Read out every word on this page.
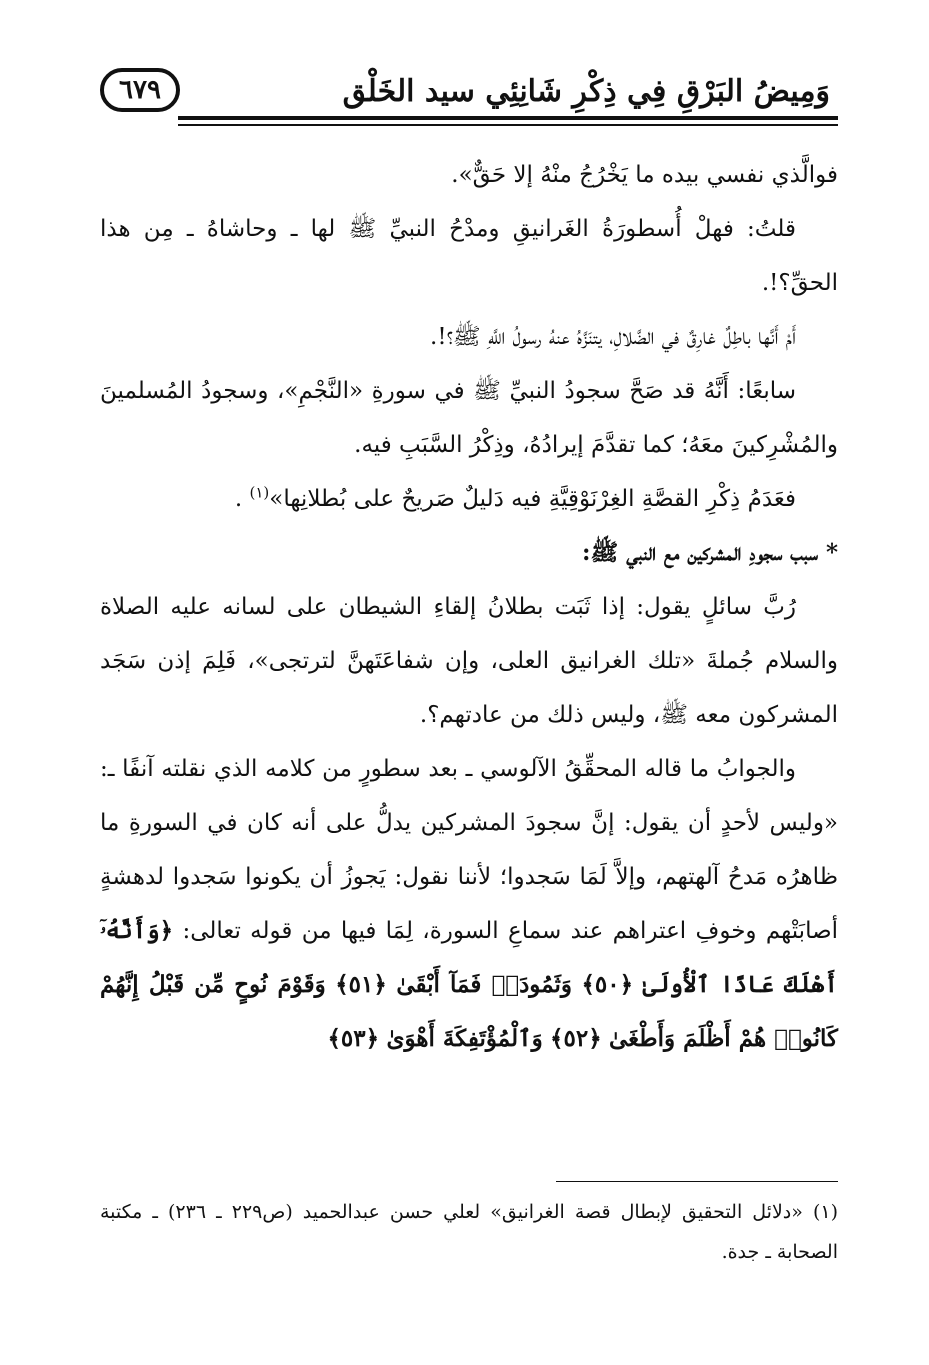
وَمِيضُ البَرْقِ فِي ذِكْرِ شَانِئِي سيد الخَلْق
٦٧٩

فوالَّذي نفسي بيده ما يَخْرُجُ منْهُ إلا حَقٌّ».

قلتُ: فهلْ أُسطورَةُ الغَرانيقِ ومدْحُ النبيِّ ﷺ لها ـ وحاشاهُ ـ مِن هذا الحقِّ؟!.

أَمْ أَنَّها باطِلٌ غارِقٌ في الضَّلالِ، يتنَزَّهُ عنهُ رسولُ اللَّهِ ﷺ؟!.

سابعًا: أَنَّهُ قد صَحَّ سجودُ النبيِّ ﷺ في سورةِ «النَّجْمِ»، وسجودُ المُسلمينَ والمُشْرِكينَ معَهُ؛ كما تقدَّمَ إيرادُهُ، وذِكْرُ السَّبَبِ فيه.

فعَدَمُ ذِكْرِ القصَّةِ الغِرْنَوْقِيَّةِ فيه دَليلٌ صَريحٌ على بُطلانِها»$^{(١)}$ .

* سبب سجودِ المشركين مع النبي ﷺ:

رُبَّ سائلٍ يقول: إذا ثَبَت بطلانُ إلقاءِ الشيطان على لسانه عليه الصلاة والسلام جُملةَ «تلك الغرانيق العلى، وإن شفاعَتَهنَّ لترتجى»، فَلِمَ إذن سَجَد المشركون معه ﷺ، وليس ذلك من عادتهم؟.

والجوابُ ما قاله المحقِّقُ الآلوسي ـ بعد سطورٍ من كلامه الذي نقلته آنفًا ـ: «وليس لأحدٍ أن يقول: إنَّ سجودَ المشركين يدلُّ على أنه كان في السورةِ ما ظاهرُه مَدحُ آلهتهم، وإلاَّ لَمَا سَجدوا؛ لأننا نقول: يَجوزُ أن يكونوا سَجدوا لدهشةٍ أصابَتْهم وخوفِ اعتراهم عند سماعِ السورة، لِمَا فيها من قوله تعالى: ﴿وَأَنَّهُۥٓ أَهْلَكَ عَادًا ٱلْأُولَىٰ ﴿٥٠﴾ وَثَمُودَا۟ فَمَآ أَبْقَىٰ ﴿٥١﴾ وَقَوْمَ نُوحٍ مِّن قَبْلُ إِنَّهُمْ كَانُوا۟ هُمْ أَظْلَمَ وَأَطْغَىٰ ﴿٥٢﴾ وَٱلْمُؤْتَفِكَةَ أَهْوَىٰ ﴿٥٣﴾

(١) «دلائل التحقيق لإبطال قصة الغرانيق» لعلي حسن عبدالحميد (ص٢٢٩ ـ ٢٣٦) ـ مكتبة الصحابة ـ جدة.
